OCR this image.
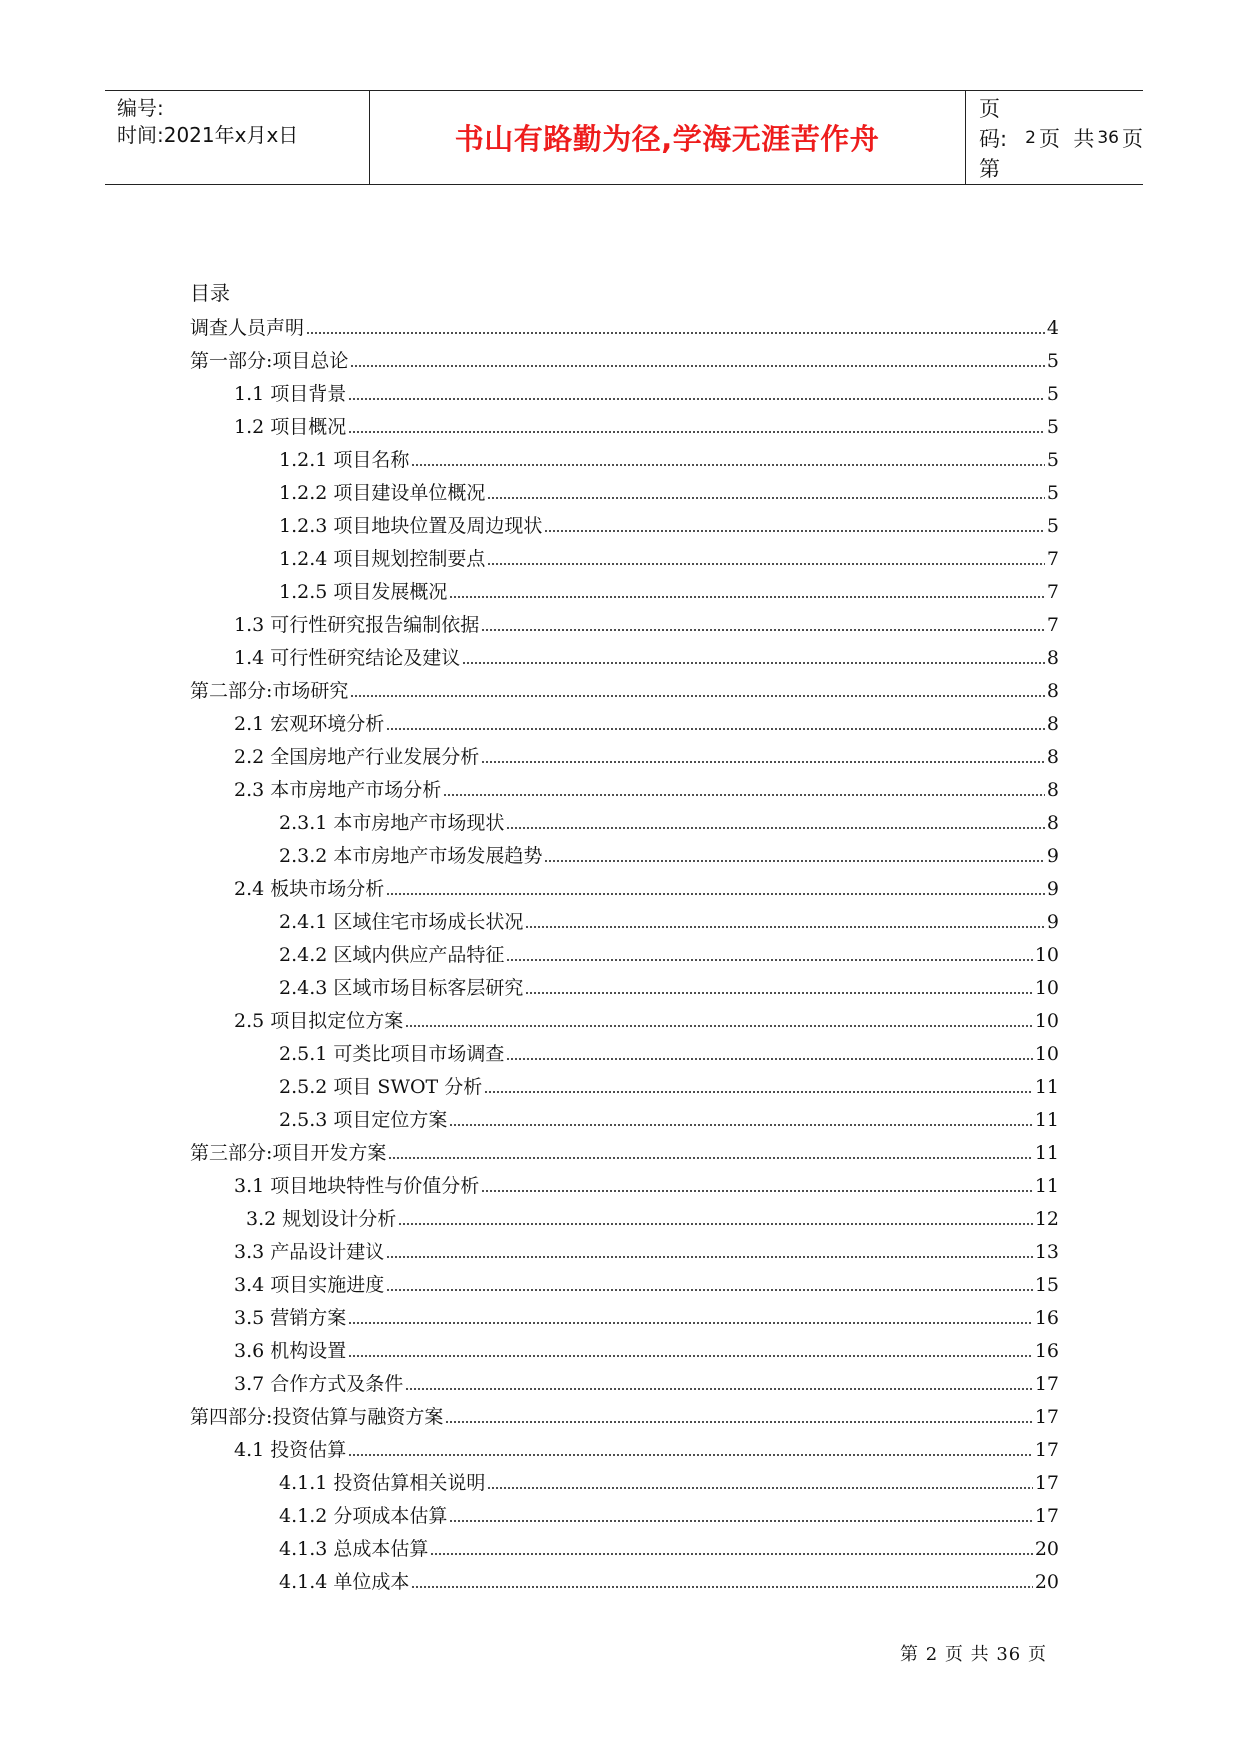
编号:
时间:2021年x月x日	书山有路勤为径,学海无涯苦作舟
页码:第
2 页  共 36 页
目录
调查人员声明	4
第一部分:项目总论	5
1.1 项目背景	5
1.2 项目概况	5
1.2.1 项目名称	5
1.2.2 项目建设单位概况	5
1.2.3 项目地块位置及周边现状	5
1.2.4 项目规划控制要点	7
1.2.5 项目发展概况	7
1.3 可行性研究报告编制依据	7
1.4 可行性研究结论及建议	8
第二部分:市场研究	8
2.1 宏观环境分析	8
2.2 全国房地产行业发展分析	8
2.3 本市房地产市场分析	8
2.3.1 本市房地产市场现状	8
2.3.2 本市房地产市场发展趋势	9
2.4 板块市场分析	9
2.4.1 区域住宅市场成长状况	9
2.4.2 区域内供应产品特征	10
2.4.3 区域市场目标客层研究	10
2.5 项目拟定位方案	10
2.5.1 可类比项目市场调查	10
2.5.2 项目 SWOT 分析	11
2.5.3 项目定位方案	11
第三部分:项目开发方案	11
3.1 项目地块特性与价值分析	11
3.2 规划设计分析	12
3.3 产品设计建议	13
3.4 项目实施进度	15
3.5 营销方案	16
3.6 机构设置	16
3.7 合作方式及条件	17
第四部分:投资估算与融资方案	17
4.1 投资估算	17
4.1.1 投资估算相关说明	17
4.1.2 分项成本估算	17
4.1.3 总成本估算	20
4.1.4 单位成本	20
第 2 页 共 36 页
